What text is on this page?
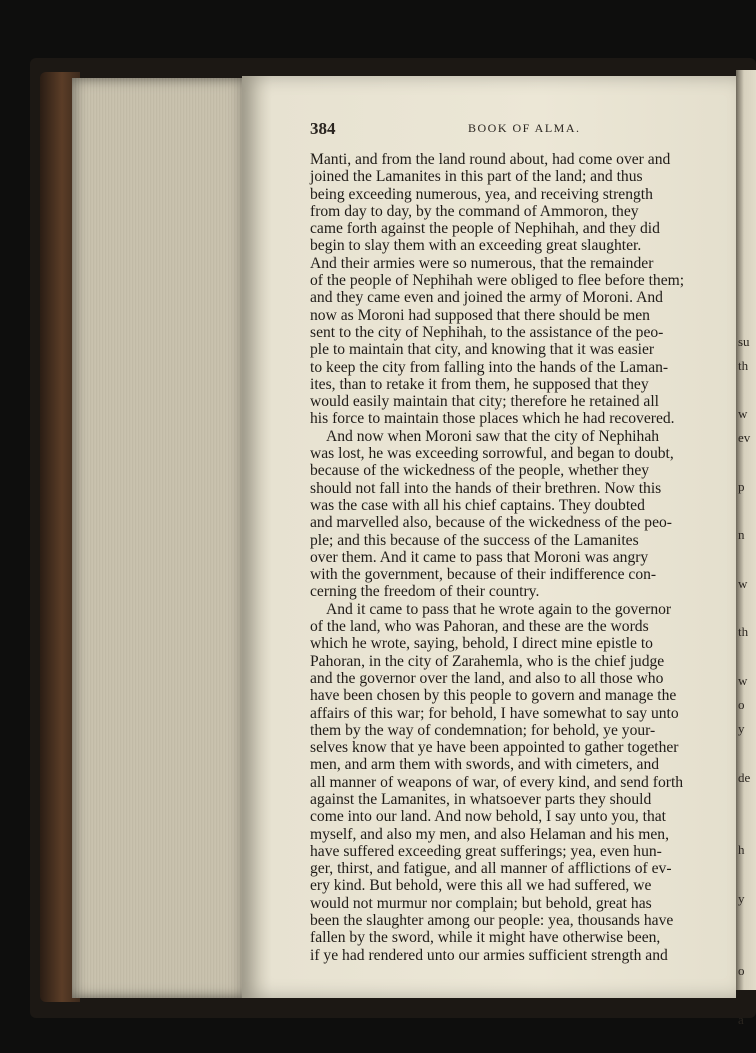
su
th
w
ev
p
n
w
th
w
o
y
de
h
y
o
a
384	BOOK OF ALMA.
Manti, and from the land round about, had come over and
joined the Lamanites in this part of the land; and thus
being exceeding numerous, yea, and receiving strength
from day to day, by the command of Ammoron, they
came forth against the people of Nephihah, and they did
begin to slay them with an exceeding great slaughter.
And their armies were so numerous, that the remainder
of the people of Nephihah were obliged to flee before them;
and they came even and joined the army of Moroni. And
now as Moroni had supposed that there should be men
sent to the city of Nephihah, to the assistance of the peo-
ple to maintain that city, and knowing that it was easier
to keep the city from falling into the hands of the Laman-
ites, than to retake it from them, he supposed that they
would easily maintain that city; therefore he retained all
his force to maintain those places which he had recovered.
And now when Moroni saw that the city of Nephihah
was lost, he was exceeding sorrowful, and began to doubt,
because of the wickedness of the people, whether they
should not fall into the hands of their brethren. Now this
was the case with all his chief captains. They doubted
and marvelled also, because of the wickedness of the peo-
ple; and this because of the success of the Lamanites
over them. And it came to pass that Moroni was angry
with the government, because of their indifference con-
cerning the freedom of their country.
And it came to pass that he wrote again to the governor
of the land, who was Pahoran, and these are the words
which he wrote, saying, behold, I direct mine epistle to
Pahoran, in the city of Zarahemla, who is the chief judge
and the governor over the land, and also to all those who
have been chosen by this people to govern and manage the
affairs of this war; for behold, I have somewhat to say unto
them by the way of condemnation; for behold, ye your-
selves know that ye have been appointed to gather together
men, and arm them with swords, and with cimeters, and
all manner of weapons of war, of every kind, and send forth
against the Lamanites, in whatsoever parts they should
come into our land. And now behold, I say unto you, that
myself, and also my men, and also Helaman and his men,
have suffered exceeding great sufferings; yea, even hun-
ger, thirst, and fatigue, and all manner of afflictions of ev-
ery kind. But behold, were this all we had suffered, we
would not murmur nor complain; but behold, great has
been the slaughter among our people: yea, thousands have
fallen by the sword, while it might have otherwise been,
if ye had rendered unto our armies sufficient strength and
